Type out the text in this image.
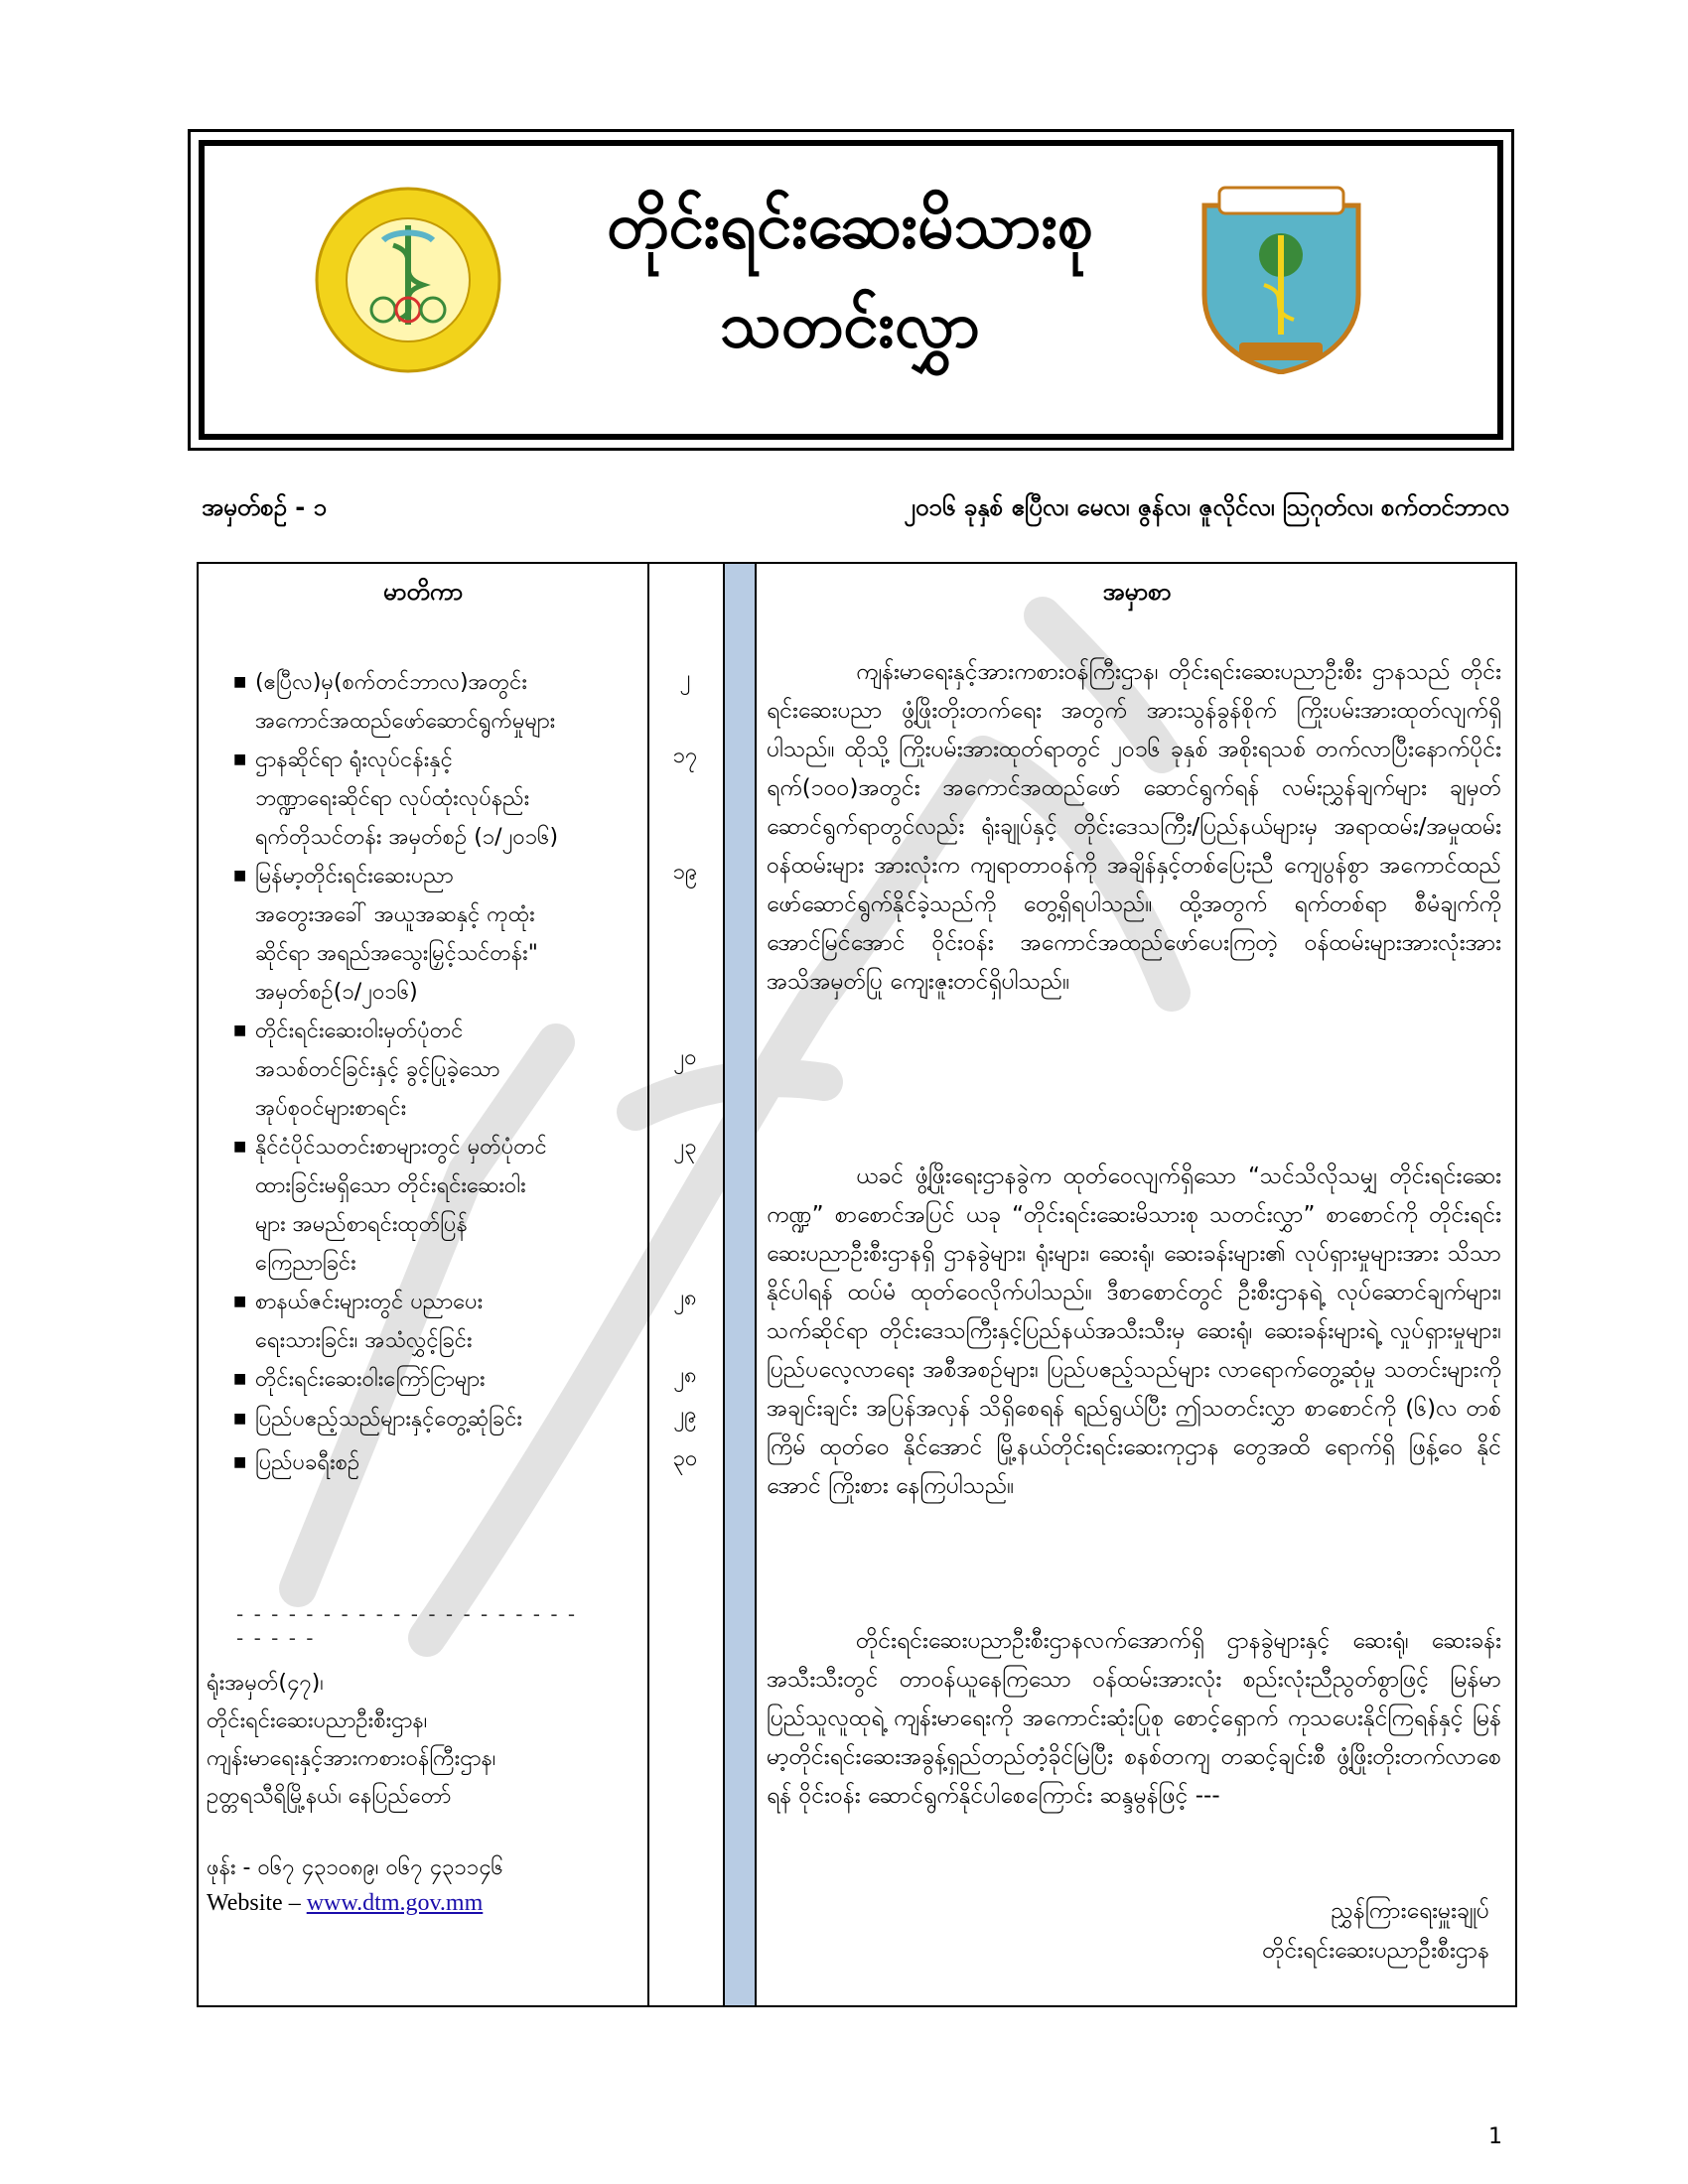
တိုင်းရင်းဆေးမိသားစု
သတင်းလွှာ
အမှတ်စဉ် - ၁	၂၀၁၆ ခုနှစ် ဧပြီလ၊ မေလ၊ ဇွန်လ၊ ဇူလိုင်လ၊ ဩဂုတ်လ၊ စက်တင်ဘာလ
မာတိကာ
■ (ဧပြီလ)မှ(စက်တင်ဘာလ)အတွင်း
အကောင်အထည်ဖော်ဆောင်ရွက်မှုများ
၂
■ ဌာနဆိုင်ရာ ရုံးလုပ်ငန်းနှင့်
ဘဏ္ဍာရေးဆိုင်ရာ လုပ်ထုံးလုပ်နည်း
ရက်တိုသင်တန်း အမှတ်စဉ် (၁/၂၀၁၆)
၁၇
■ မြန်မာ့တိုင်းရင်းဆေးပညာ
အတွေးအခေါ် အယူအဆနှင့် ကုထုံး
ဆိုင်ရာ အရည်အသွေးမြှင့်သင်တန်း"
အမှတ်စဉ်(၁/၂၀၁၆)
၁၉
■ တိုင်းရင်းဆေးဝါးမှတ်ပုံတင်
အသစ်တင်ခြင်းနှင့် ခွင့်ပြုခဲ့သော
အုပ်စုဝင်များစာရင်း
၂၀
■ နိုင်ငံပိုင်သတင်းစာများတွင် မှတ်ပုံတင်
ထားခြင်းမရှိသော တိုင်းရင်းဆေးဝါး
များ အမည်စာရင်းထုတ်ပြန်
ကြေညာခြင်း
၂၃
■ စာနယ်ဇင်းများတွင် ပညာပေး
ရေးသားခြင်း၊ အသံလွှင့်ခြင်း
၂၈
■ တိုင်းရင်းဆေးဝါးကြော်ငြာများ	၂၈
■ ပြည်ပဧည့်သည်များနှင့်တွေ့ဆုံခြင်း	၂၉
■ ပြည်ပခရီးစဉ်	၃၀
- - - - - - - - - - - - - - - - - - - - - - - - -
ရုံးအမှတ်(၄၇)၊
တိုင်းရင်းဆေးပညာဦးစီးဌာန၊
ကျန်းမာရေးနှင့်အားကစားဝန်ကြီးဌာန၊
ဥတ္တရသီရိမြို့နယ်၊ နေပြည်တော်
ဖုန်း - ၀၆၇ ၄၃၁၀၈၉၊ ၀၆၇ ၄၃၁၁၄၆
Website – www.dtm.gov.mm
အမှာစာ
ကျန်းမာရေးနှင့်အားကစားဝန်ကြီးဌာန၊ တိုင်းရင်းဆေးပညာဦးစီး ဌာနသည် တိုင်းရင်းဆေးပညာ ဖွံ့ဖြိုးတိုးတက်ရေး အတွက် အားသွန်ခွန်စိုက် ကြိုးပမ်းအားထုတ်လျက်ရှိပါသည်။ ထိုသို့ ကြိုးပမ်းအားထုတ်ရာတွင် ၂၀၁၆ ခုနှစ် အစိုးရသစ် တက်လာပြီးနောက်ပိုင်း ရက်(၁၀၀)အတွင်း အကောင်အထည်ဖော် ဆောင်ရွက်ရန် လမ်းညွှန်ချက်များ ချမှတ် ဆောင်ရွက်ရာတွင်လည်း ရုံးချုပ်နှင့် တိုင်းဒေသကြီး/ပြည်နယ်များမှ အရာထမ်း/အမှုထမ်း ဝန်ထမ်းများ အားလုံးက ကျရာတာဝန်ကို အချိန်နှင့်တစ်ပြေးညီ ကျေပွန်စွာ အကောင်ထည်ဖော်ဆောင်ရွက်နိုင်ခဲ့သည်ကို တွေ့ရှိရပါသည်။ ထို့အတွက် ရက်တစ်ရာ စီမံချက်ကို အောင်မြင်အောင် ဝိုင်းဝန်း အကောင်အထည်ဖော်ပေးကြတဲ့ ဝန်ထမ်းများအားလုံးအား အသိအမှတ်ပြု ကျေးဇူးတင်ရှိပါသည်။
ယခင် ဖွံ့ဖြိုးရေးဌာနခွဲက ထုတ်ဝေလျက်ရှိသော “သင်သိလိုသမျှ တိုင်းရင်းဆေးကဏ္ဍ” စာစောင်အပြင် ယခု “တိုင်းရင်းဆေးမိသားစု သတင်းလွှာ” စာစောင်ကို တိုင်းရင်းဆေးပညာဦးစီးဌာနရှိ ဌာနခွဲများ၊ ရုံးများ၊ ဆေးရုံ၊ ဆေးခန်းများ၏ လုပ်ရှားမှုများအား သိသာနိုင်ပါရန် ထပ်မံ ထုတ်ဝေလိုက်ပါသည်။ ဒီစာစောင်တွင် ဦးစီးဌာနရဲ့ လုပ်ဆောင်ချက်များ၊ သက်ဆိုင်ရာ တိုင်းဒေသကြီးနှင့်ပြည်နယ်အသီးသီးမှ ဆေးရုံ၊ ဆေးခန်းများရဲ့ လှုပ်ရှားမှုများ၊ ပြည်ပလေ့လာရေး အစီအစဉ်များ၊ ပြည်ပဧည့်သည်များ လာရောက်တွေ့ဆုံမှု သတင်းများကို အချင်းချင်း အပြန်အလှန် သိရှိစေရန် ရည်ရွယ်ပြီး ဤသတင်းလွှာ စာစောင်ကို (၆)လ တစ်ကြိမ် ထုတ်ဝေ နိုင်အောင် မြို့နယ်တိုင်းရင်းဆေးကုဌာန တွေအထိ ရောက်ရှိ ဖြန့်ဝေ နိုင်အောင် ကြိုးစား နေကြပါသည်။
တိုင်းရင်းဆေးပညာဦးစီးဌာနလက်အောက်ရှိ ဌာနခွဲများနှင့် ဆေးရုံ၊ ဆေးခန်း အသီးသီးတွင် တာဝန်ယူနေကြသော ဝန်ထမ်းအားလုံး စည်းလုံးညီညွတ်စွာဖြင့် မြန်မာပြည်သူလူထုရဲ့ ကျန်းမာရေးကို အကောင်းဆုံးပြုစု စောင့်ရှောက် ကုသပေးနိုင်ကြရန်နှင့် မြန်မာ့တိုင်းရင်းဆေးအခွန့်ရှည်တည်တံ့ခိုင်မြဲပြီး စနစ်တကျ တဆင့်ချင်းစီ ဖွံ့ဖြိုးတိုးတက်လာစေရန် ဝိုင်းဝန်း ဆောင်ရွက်နိုင်ပါစေကြောင်း ဆန္ဒမွန်ဖြင့် ---
ညွှန်ကြားရေးမှူးချုပ်
တိုင်းရင်းဆေးပညာဦးစီးဌာန
1
